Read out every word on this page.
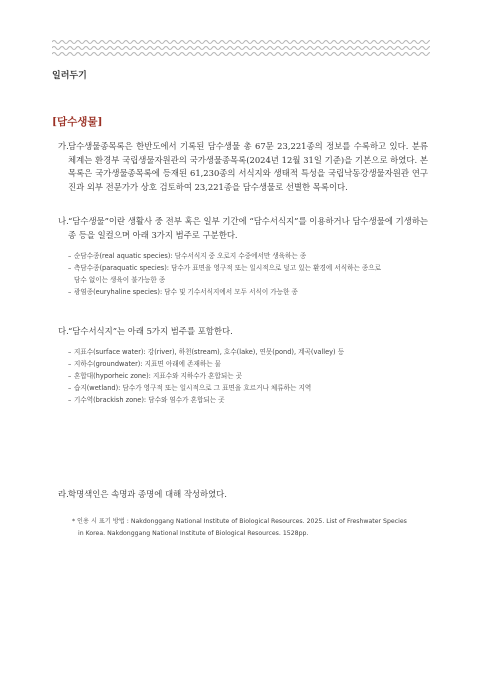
일러두기
[담수생물]
가. 담수생물종목록은 한반도에서 기록된 담수생물 총 67문 23,221종의 정보를 수록하고 있다. 분류체계는 환경부 국립생물자원관의 국가생물종목록(2024년 12월 31일 기준)을 기본으로 하였다. 본 목록은 국가생물종목록에 등재된 61,230종의 서식지와 생태적 특성을 국립낙동강생물자원관 연구진과 외부 전문가가 상호 검토하여 23,221종을 담수생물로 선별한 목록이다.
나. “담수생물”이란 생활사 중 전부 혹은 일부 기간에 “담수서식지”를 이용하거나 담수생물에 기생하는 종 등을 일컬으며 아래 3가지 범주로 구분한다.
– 순담수종(real aquatic species): 담수서식지 중 오로지 수중에서만 생육하는 종
– 측담수종(paraquatic species): 담수가 표면을 영구적 또는 일시적으로 덮고 있는 환경에 서식하는 종으로
담수 없이는 생육이 불가능한 종
– 광염종(euryhaline species): 담수 및 기수서식지에서 모두 서식이 가능한 종
다. “담수서식지”는 아래 5가지 범주를 포함한다.
– 지표수(surface water): 강(river), 하천(stream), 호수(lake), 연못(pond), 계곡(valley) 등
– 지하수(groundwater): 지표면 아래에 존재하는 물
– 혼합대(hyporheic zone): 지표수와 지하수가 혼합되는 곳
– 습지(wetland): 담수가 영구적 또는 일시적으로 그 표면을 흐르거나 체류하는 지역
– 기수역(brackish zone): 담수와 염수가 혼합되는 곳
라. 학명색인은 속명과 종명에 대해 작성하였다.
* 인용 시 표기 방법 : Nakdonggang National Institute of Biological Resources. 2025. List of Freshwater Species
in Korea. Nakdonggang National Institute of Biological Resources. 1528pp.
